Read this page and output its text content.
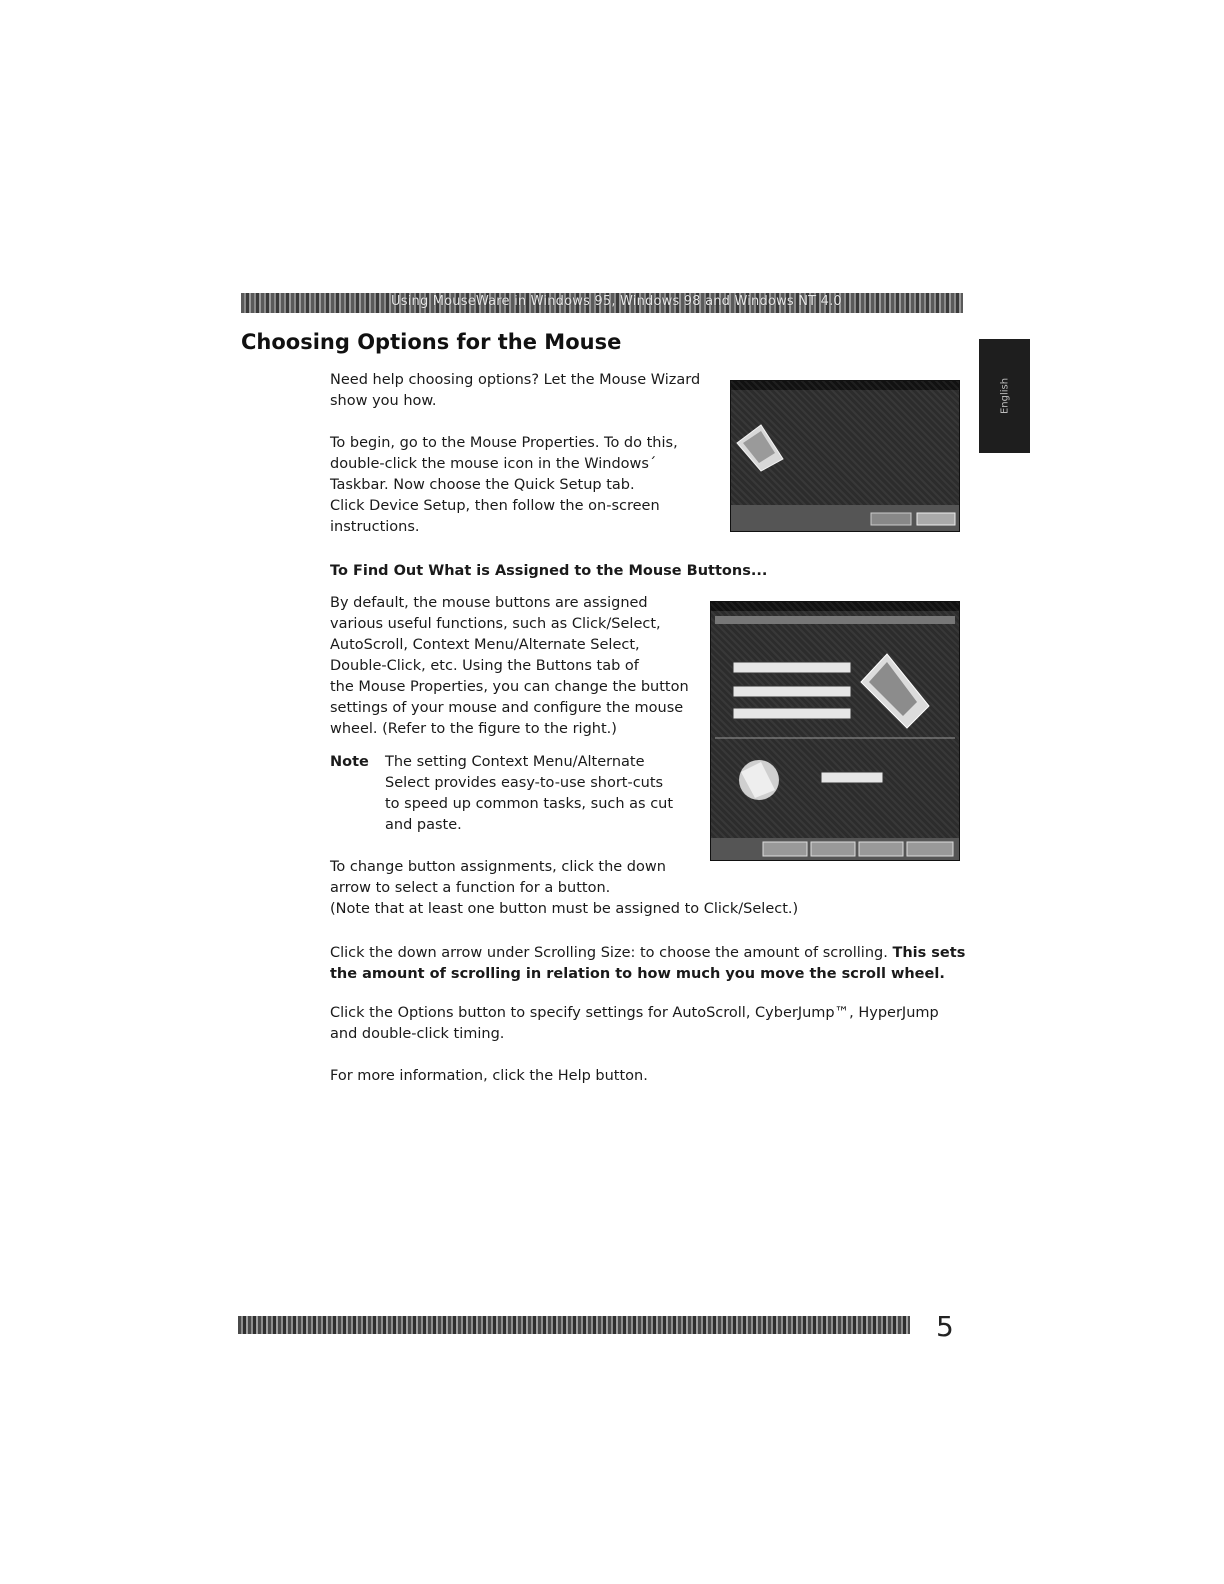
Using MouseWare in Windows 95, Windows 98 and Windows NT 4.0
Choosing Options for the Mouse
English
Need help choosing options? Let the Mouse Wizard
show you how.
To begin, go to the Mouse Properties. To do this,
double-click the mouse icon in the Windows´
Taskbar. Now choose the Quick Setup tab.
Click Device Setup, then follow the on-screen
instructions.
To Find Out What is Assigned to the Mouse Buttons...
By default, the mouse buttons are assigned
various useful functions, such as Click/Select,
AutoScroll, Context Menu/Alternate Select,
Double-Click, etc. Using the Buttons tab of
the Mouse Properties, you can change the button
settings of your mouse and configure the mouse
wheel. (Refer to the figure to the right.)
Note The setting Context Menu/Alternate
Select provides easy-to-use short-cuts
to speed up common tasks, such as cut
and paste.
To change button assignments, click the down
arrow to select a function for a button.
(Note that at least one button must be assigned to Click/Select.)
Click the down arrow under Scrolling Size: to choose the amount of scrolling. This sets
the amount of scrolling in relation to how much you move the scroll wheel.
Click the Options button to specify settings for AutoScroll, CyberJump™, HyperJump
and double-click timing.
For more information, click the Help button.
5
